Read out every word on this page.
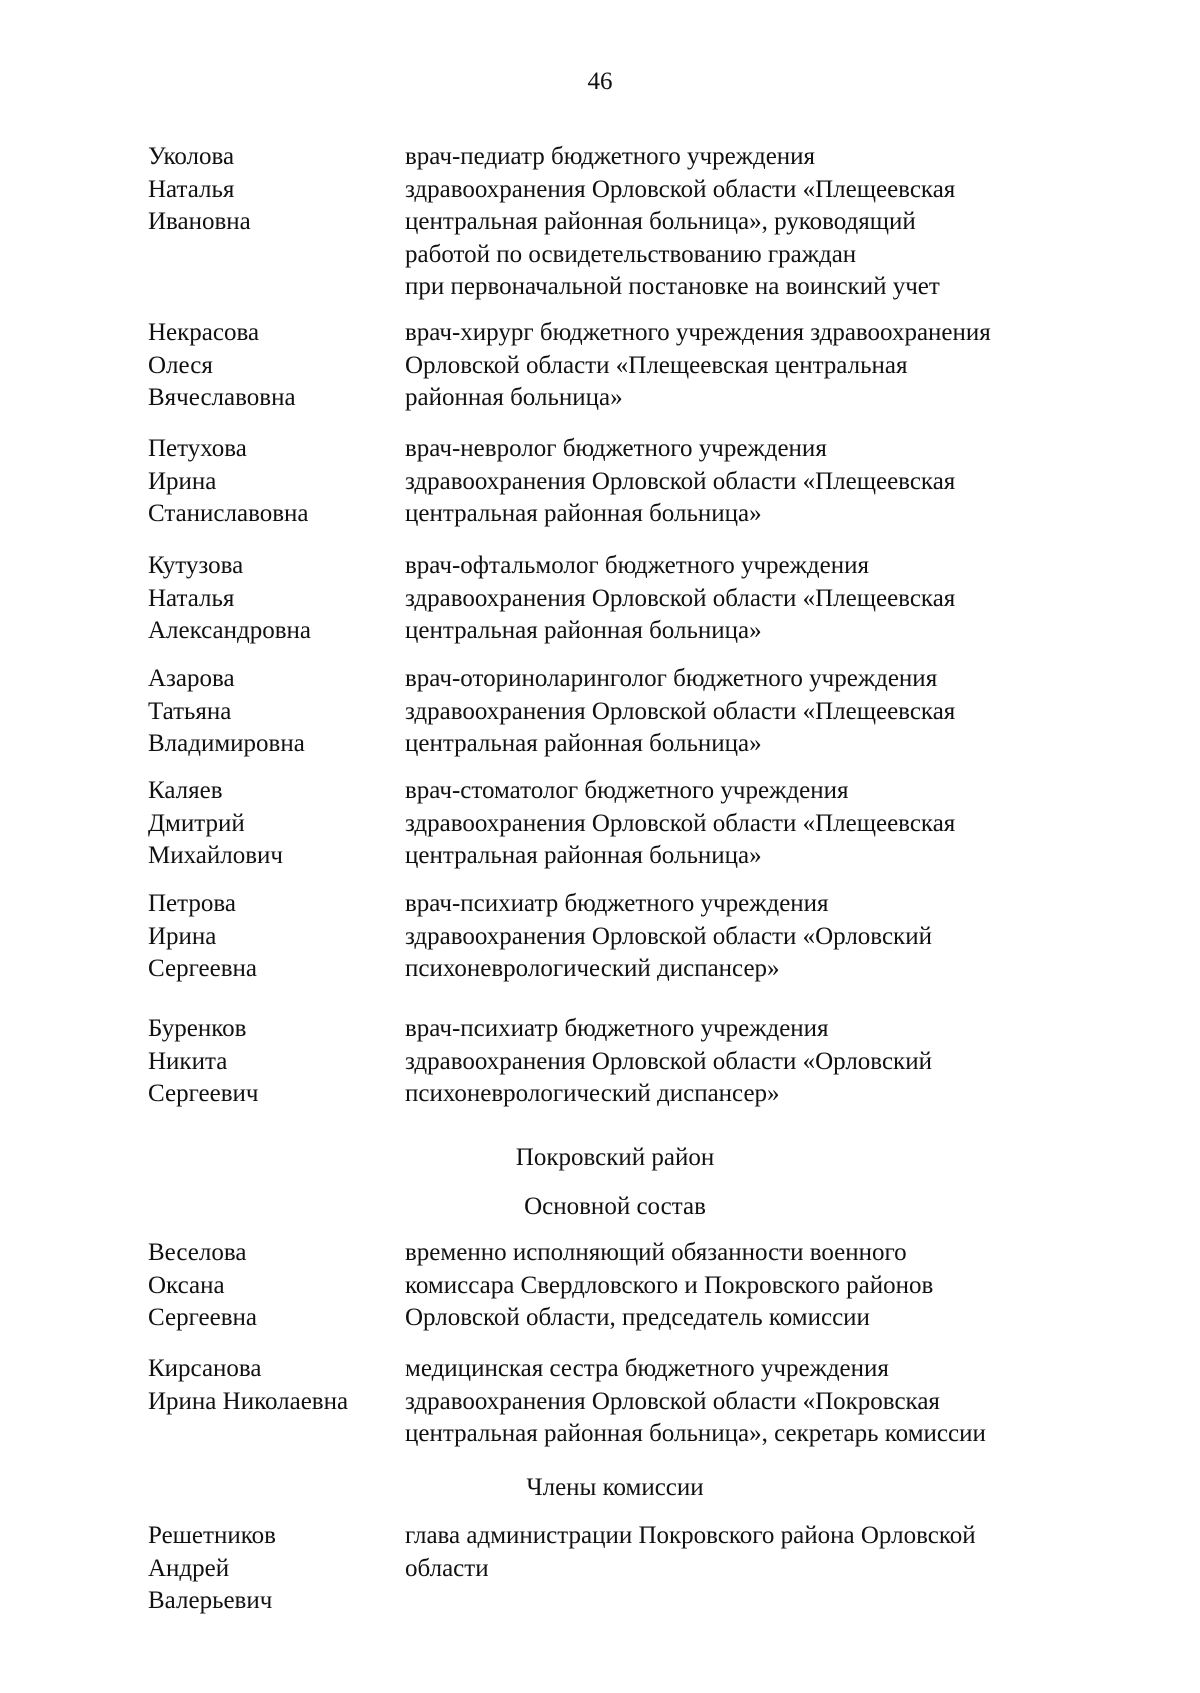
46
Уколова
Наталья
Ивановна
врач-педиатр бюджетного учреждения
здравоохранения Орловской области «Плещеевская
центральная районная больница», руководящий
работой по освидетельствованию граждан
при первоначальной постановке на воинский учет
Некрасова
Олеся
Вячеславовна
врач-хирург бюджетного учреждения здравоохранения
Орловской области «Плещеевская центральная
районная больница»
Петухова
Ирина
Станиславовна
врач-невролог бюджетного учреждения
здравоохранения Орловской области «Плещеевская
центральная районная больница»
Кутузова
Наталья
Александровна
врач-офтальмолог бюджетного учреждения
здравоохранения Орловской области «Плещеевская
центральная районная больница»
Азарова
Татьяна
Владимировна
врач-оториноларинголог бюджетного учреждения
здравоохранения Орловской области «Плещеевская
центральная районная больница»
Каляев
Дмитрий
Михайлович
врач-стоматолог бюджетного учреждения
здравоохранения Орловской области «Плещеевская
центральная районная больница»
Петрова
Ирина
Сергеевна
врач-психиатр бюджетного учреждения
здравоохранения Орловской области «Орловский
психоневрологический диспансер»
Буренков
Никита
Сергеевич
врач-психиатр бюджетного учреждения
здравоохранения Орловской области «Орловский
психоневрологический диспансер»
Покровский район
Основной состав
Веселова
Оксана
Сергеевна
временно исполняющий обязанности военного
комиссара Свердловского и Покровского районов
Орловской области, председатель комиссии
Кирсанова
Ирина Николаевна
медицинская сестра бюджетного учреждения
здравоохранения Орловской области «Покровская
центральная районная больница», секретарь комиссии
Члены комиссии
Решетников
Андрей
Валерьевич
глава администрации Покровского района Орловской
области
